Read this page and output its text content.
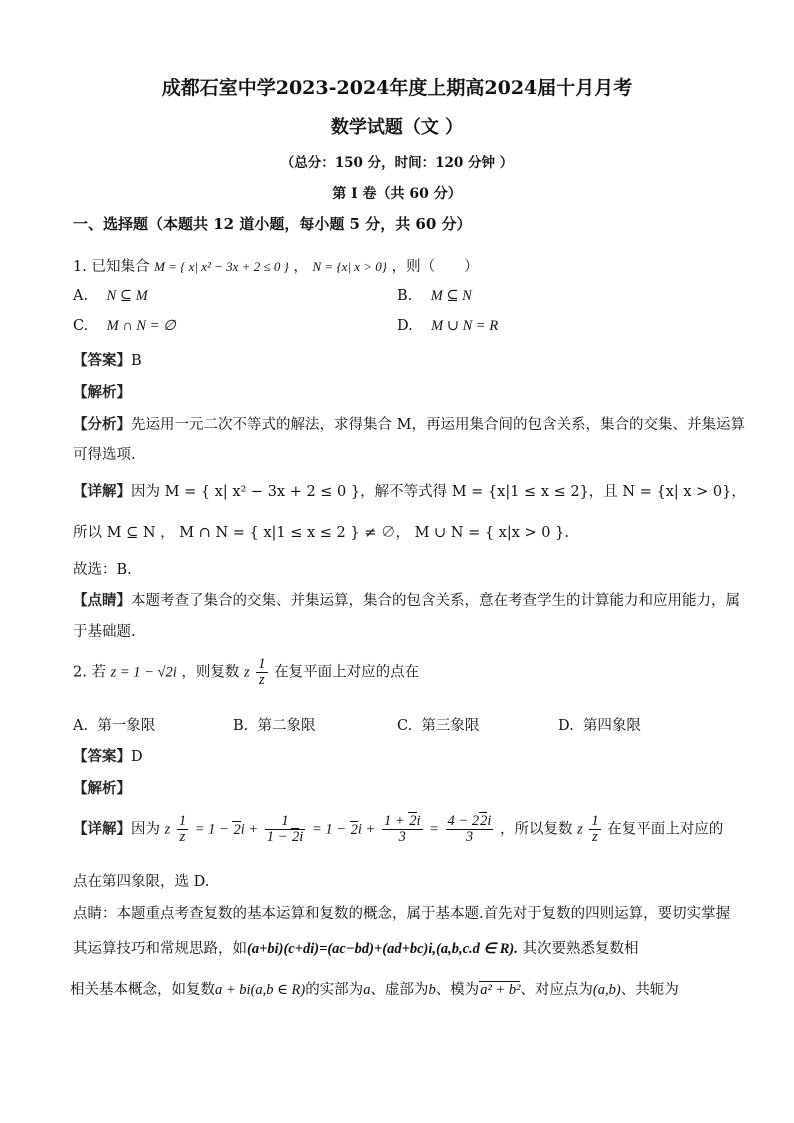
成都石室中学2023-2024年度上期高2024届十月月考
数学试题（文 ）
（总分：150 分，时间：120 分钟 ）
第 I 卷（共 60 分）
一、选择题（本题共 12 道小题，每小题 5 分，共 60 分）
1. 已知集合 M = { x| x² − 3x + 2 ≤ 0 } ， N = {x| x > 0} ，则（　　）
A. N ⊆ M	B. M ⊆ N
C. M ∩ N = ∅	D. M ∪ N = R
【答案】B
【解析】
【分析】先运用一元二次不等式的解法，求得集合 M，再运用集合间的包含关系，集合的交集、并集运算
可得选项.
【详解】因为 M = { x| x² − 3x + 2 ≤ 0 }，解不等式得 M = {x|1 ≤ x ≤ 2}，且 N = {x| x > 0}，
所以 M ⊆ N ， M ∩ N = { x|1 ≤ x ≤ 2 } ≠ ∅， M ∪ N = { x|x > 0 }.
故选：B.
【点睛】本题考查了集合的交集、并集运算，集合的包含关系，意在考查学生的计算能力和应用能力，属
于基础题.
2. 若 z = 1 − √2i ，则复数 z $\frac{1}{z}$ 在复平面上对应的点在
A. 第一象限	B. 第二象限	C. 第三象限	D. 第四象限
【答案】D
【解析】
【详解】因为 z $\frac{1}{z} = 1 - 2i + \frac{1}{1 - 2i} = 1 - 2i + \frac{1 + 2i}{3} = \frac{4 - 22i}{3}$ ，所以复数 z $\frac{1}{z}$ 在复平面上对应的
点在第四象限，选 D.
点睛：本题重点考查复数的基本运算和复数的概念，属于基本题.首先对于复数的四则运算，要切实掌握
其运算技巧和常规思路，如(a+bi)(c+di)=(ac−bd)+(ad+bc)i,(a,b,c.d ∈ R). 其次要熟悉复数相
相关基本概念，如复数a + bi(a,b ∈ R)的实部为a、虚部为b、模为a² + b²、对应点为(a,b)、共轭为
